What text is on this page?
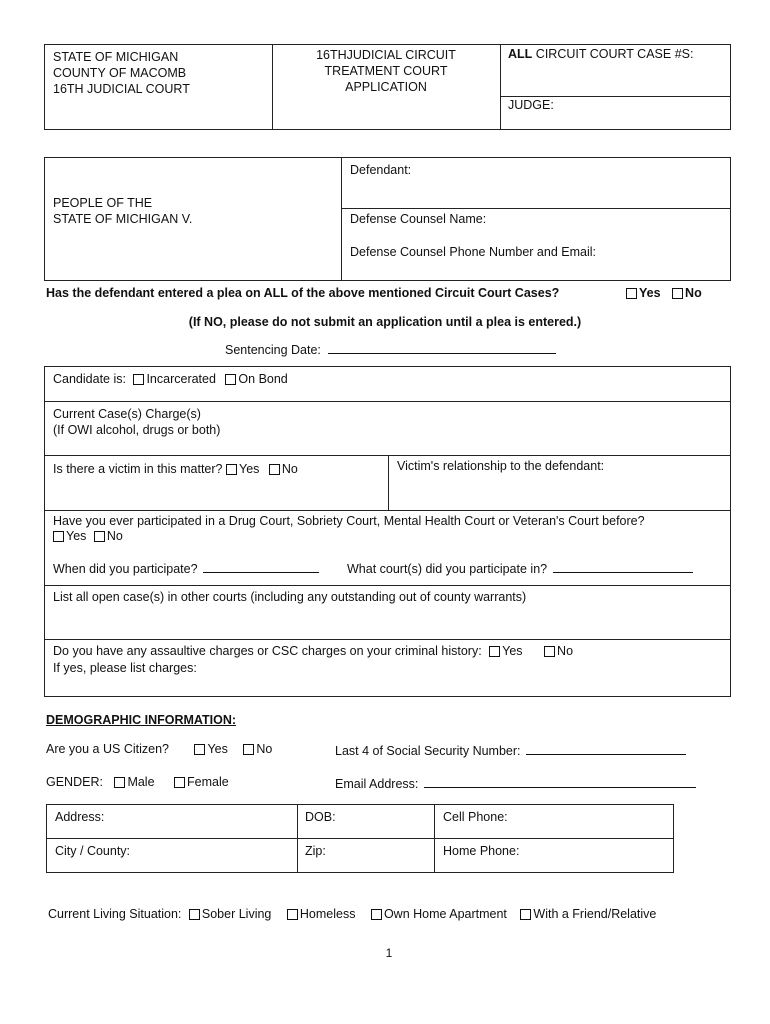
STATE OF MICHIGAN
COUNTY OF MACOMB
16TH JUDICIAL COURT
16THJUDICIAL CIRCUIT
TREATMENT COURT
APPLICATION
ALL CIRCUIT COURT CASE #S:
JUDGE:
PEOPLE OF THE
STATE OF MICHIGAN V.
Defendant:
Defense Counsel Name:
Defense Counsel Phone Number and Email:
Has the defendant entered a plea on ALL of the above mentioned Circuit Court Cases?	Yes No
(If NO, please do not submit an application until a plea is entered.)
Sentencing Date:
Candidate is: Incarcerated On Bond
Current Case(s) Charge(s)
(If OWI alcohol, drugs or both)
Is there a victim in this matter? Yes No	Victim's relationship to the defendant:
Have you ever participated in a Drug Court, Sobriety Court, Mental Health Court or Veteran's Court before?
Yes No
When did you participate?	What court(s) did you participate in?
List all open case(s) in other courts (including any outstanding out of county warrants)
Do you have any assaultive charges or CSC charges on your criminal history: Yes	No
If yes, please list charges:
DEMOGRAPHIC INFORMATION:
Are you a US Citizen?	Yes No	Last 4 of Social Security Number:
GENDER: Male	Female	Email Address:
Address:	DOB:	Cell Phone:
City / County:	Zip:	Home Phone:
Current Living Situation: Sober Living Homeless Own Home Apartment With a Friend/Relative
1
